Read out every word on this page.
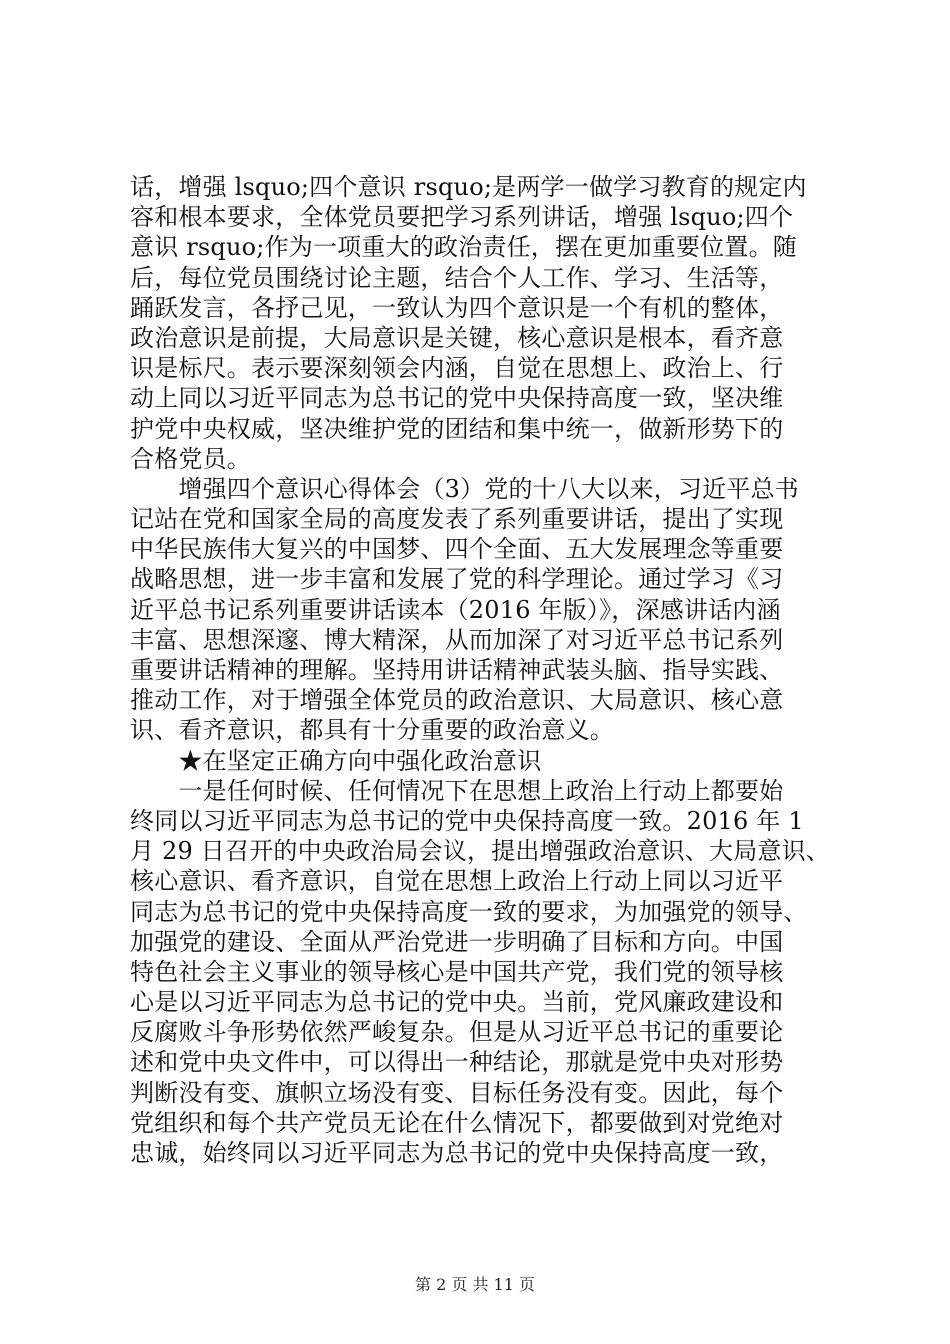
话，增强 lsquo;四个意识 rsquo;是两学一做学习教育的规定内
容和根本要求，全体党员要把学习系列讲话，增强 lsquo;四个
意识 rsquo;作为一项重大的政治责任，摆在更加重要位置。随
后，每位党员围绕讨论主题，结合个人工作、学习、生活等，
踊跃发言，各抒己见，一致认为四个意识是一个有机的整体，
政治意识是前提，大局意识是关键，核心意识是根本，看齐意
识是标尺。表示要深刻领会内涵，自觉在思想上、政治上、行
动上同以习近平同志为总书记的党中央保持高度一致，坚决维
护党中央权威，坚决维护党的团结和集中统一，做新形势下的
合格党员。
　　增强四个意识心得体会（3）党的十八大以来，习近平总书
记站在党和国家全局的高度发表了系列重要讲话，提出了实现
中华民族伟大复兴的中国梦、四个全面、五大发展理念等重要
战略思想，进一步丰富和发展了党的科学理论。通过学习《习
近平总书记系列重要讲话读本（2016 年版）》，深感讲话内涵
丰富、思想深邃、博大精深，从而加深了对习近平总书记系列
重要讲话精神的理解。坚持用讲话精神武装头脑、指导实践、
推动工作，对于增强全体党员的政治意识、大局意识、核心意
识、看齐意识，都具有十分重要的政治意义。
　　★在坚定正确方向中强化政治意识
　　一是任何时候、任何情况下在思想上政治上行动上都要始
终同以习近平同志为总书记的党中央保持高度一致。2016 年 1
月 29 日召开的中央政治局会议，提出增强政治意识、大局意识、
核心意识、看齐意识，自觉在思想上政治上行动上同以习近平
同志为总书记的党中央保持高度一致的要求，为加强党的领导、
加强党的建设、全面从严治党进一步明确了目标和方向。中国
特色社会主义事业的领导核心是中国共产党，我们党的领导核
心是以习近平同志为总书记的党中央。当前，党风廉政建设和
反腐败斗争形势依然严峻复杂。但是从习近平总书记的重要论
述和党中央文件中，可以得出一种结论，那就是党中央对形势
判断没有变、旗帜立场没有变、目标任务没有变。因此，每个
党组织和每个共产党员无论在什么情况下，都要做到对党绝对
忠诚，始终同以习近平同志为总书记的党中央保持高度一致，
第 2 页 共 11 页
